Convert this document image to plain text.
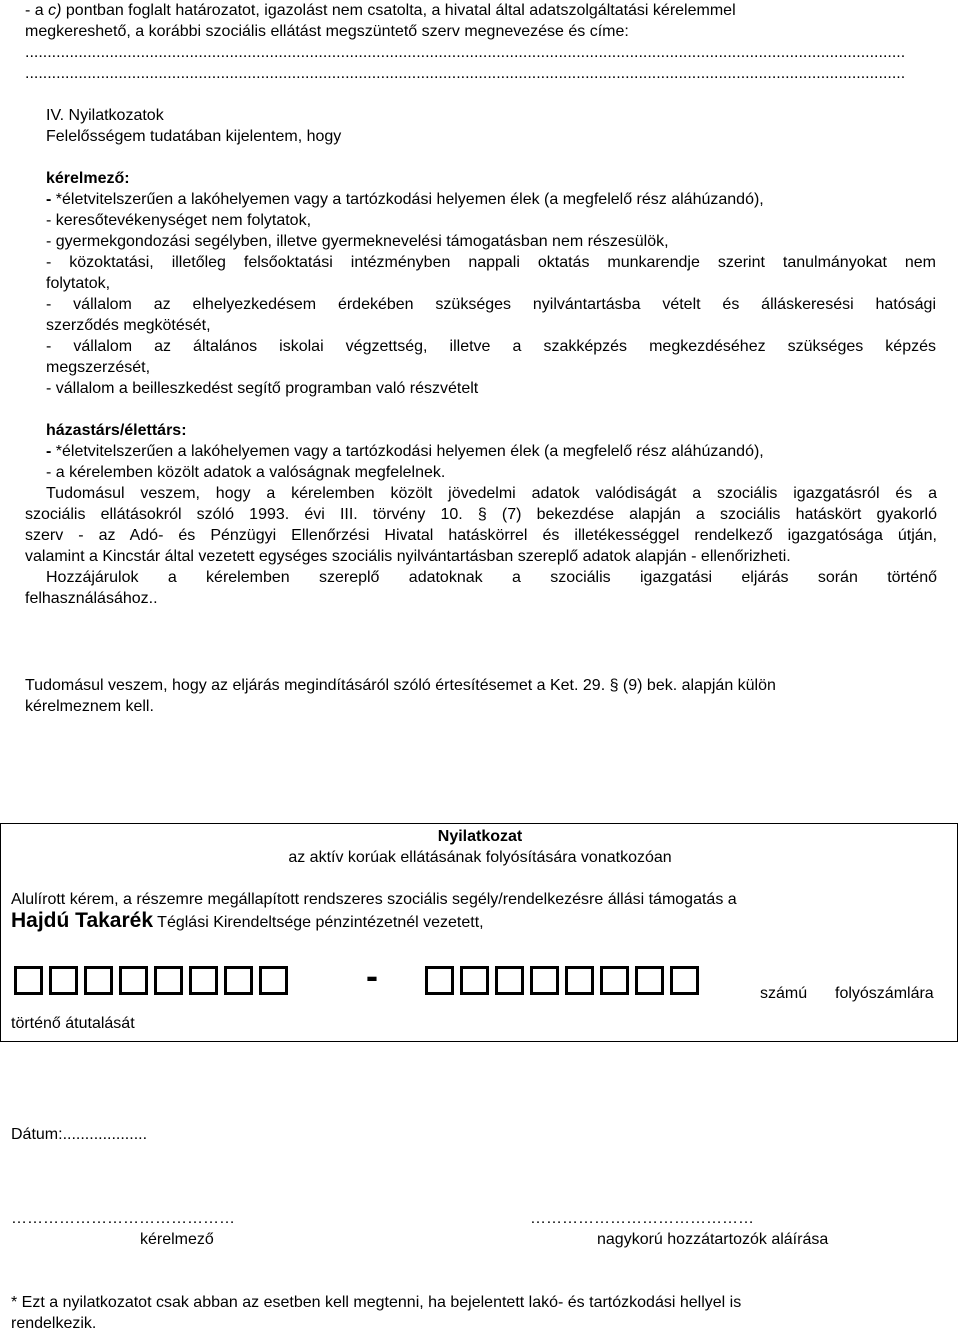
- a c) pontban foglalt határozatot, igazolást nem csatolta, a hivatal által adatszolgáltatási kérelemmel
megkereshető, a korábbi szociális ellátást megszüntető szerv megnevezése és címe:
......................................................................................................................................................................................................
......................................................................................................................................................................................................
IV. Nyilatkozatok
Felelősségem tudatában kijelentem, hogy
kérelmező:
- *életvitelszerűen a lakóhelyemen vagy a tartózkodási helyemen élek (a megfelelő rész aláhúzandó),
- keresőtevékenységet nem folytatok,
- gyermekgondozási segélyben, illetve gyermeknevelési támogatásban nem részesülök,
- közoktatási, illetőleg felsőoktatási intézményben nappali oktatás munkarendje szerint tanulmányokat nem
folytatok,
- vállalom az elhelyezkedésem érdekében szükséges nyilvántartásba vételt és álláskeresési hatósági
szerződés megkötését,
- vállalom az általános iskolai végzettség, illetve a szakképzés megkezdéséhez szükséges képzés
megszerzését,
- vállalom a beilleszkedést segítő programban való részvételt
házastárs/élettárs:
- *életvitelszerűen a lakóhelyemen vagy a tartózkodási helyemen élek (a megfelelő rész aláhúzandó),
- a kérelemben közölt adatok a valóságnak megfelelnek.
Tudomásul veszem, hogy a kérelemben közölt jövedelmi adatok valódiságát a szociális igazgatásról és a
szociális ellátásokról szóló 1993. évi III. törvény 10. § (7) bekezdése alapján a szociális hatáskört gyakorló
szerv - az Adó- és Pénzügyi Ellenőrzési Hivatal hatáskörrel és illetékességgel rendelkező igazgatósága útján,
valamint a Kincstár által vezetett egységes szociális nyilvántartásban szereplő adatok alapján - ellenőrizheti.
Hozzájárulok a kérelemben szereplő adatoknak a szociális igazgatási eljárás során történő
felhasználásához..
Tudomásul veszem, hogy az eljárás megindításáról szóló értesítésemet a Ket. 29. § (9) bek. alapján külön
kérelmeznem kell.
Nyilatkozat
az aktív korúak ellátásának folyósítására vonatkozóan
Alulírott kérem, a részemre megállapított rendszeres szociális segély/rendelkezésre állási támogatás a
Hajdú Takarék Téglási Kirendeltsége pénzintézetnél vezetett,
-	számú folyószámlára
történő átutalását
Dátum:...................
……………………………………	……………………………………
kérelmező	nagykorú hozzátartozók aláírása
* Ezt a nyilatkozatot csak abban az esetben kell megtenni, ha bejelentett lakó- és tartózkodási hellyel is
rendelkezik.
